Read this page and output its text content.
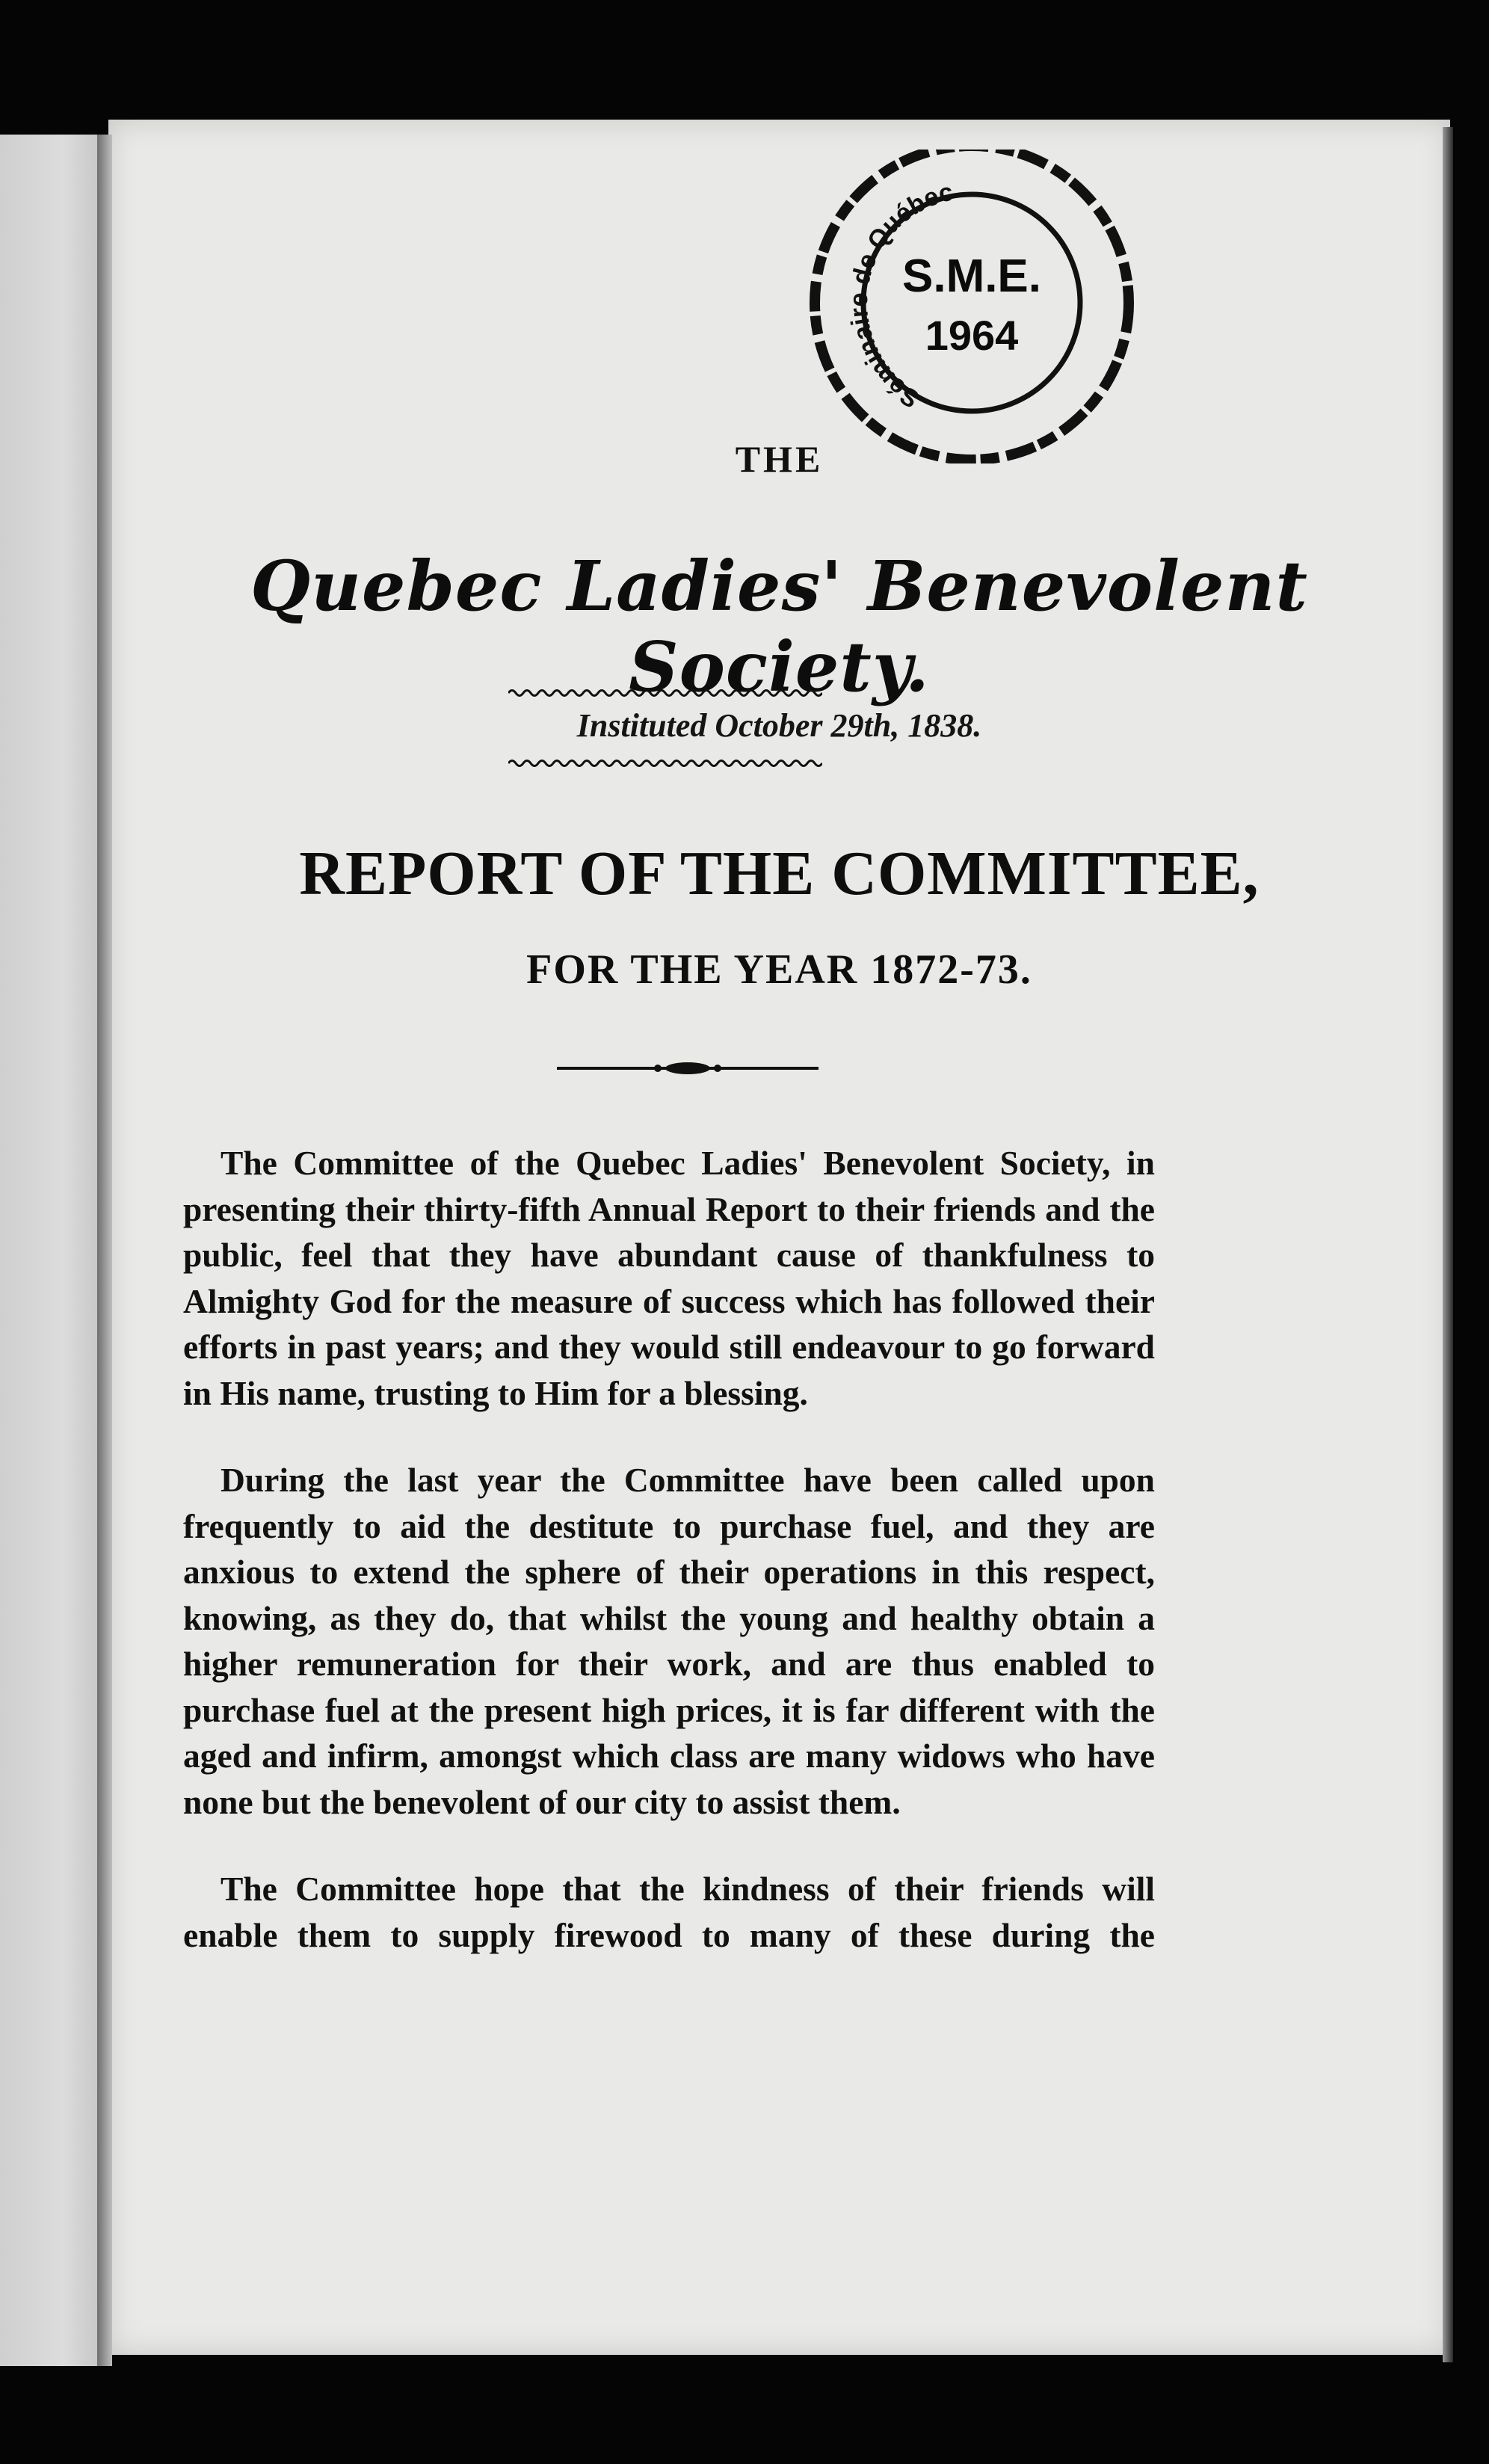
Séminaire de Québec
S.M.E.
1964
THE
Quebec Ladies' Benevolent Society.
Instituted October 29th, 1838.
REPORT OF THE COMMITTEE,
FOR THE YEAR 1872-73.

The Committee of the Quebec Ladies' Benevolent Society, in presenting their thirty-fifth Annual Report to their friends and the public, feel that they have abundant cause of thankfulness to Almighty God for the measure of success which has followed their efforts in past years; and they would still endeavour to go forward in His name, trusting to Him for a blessing.

During the last year the Committee have been called upon frequently to aid the destitute to purchase fuel, and they are anxious to extend the sphere of their operations in this respect, knowing, as they do, that whilst the young and healthy obtain a higher remuneration for their work, and are thus enabled to purchase fuel at the present high prices, it is far different with the aged and infirm, amongst which class are many widows who have none but the benevolent of our city to assist them.

The Committee hope that the kindness of their friends will enable them to supply firewood to many of these during the
